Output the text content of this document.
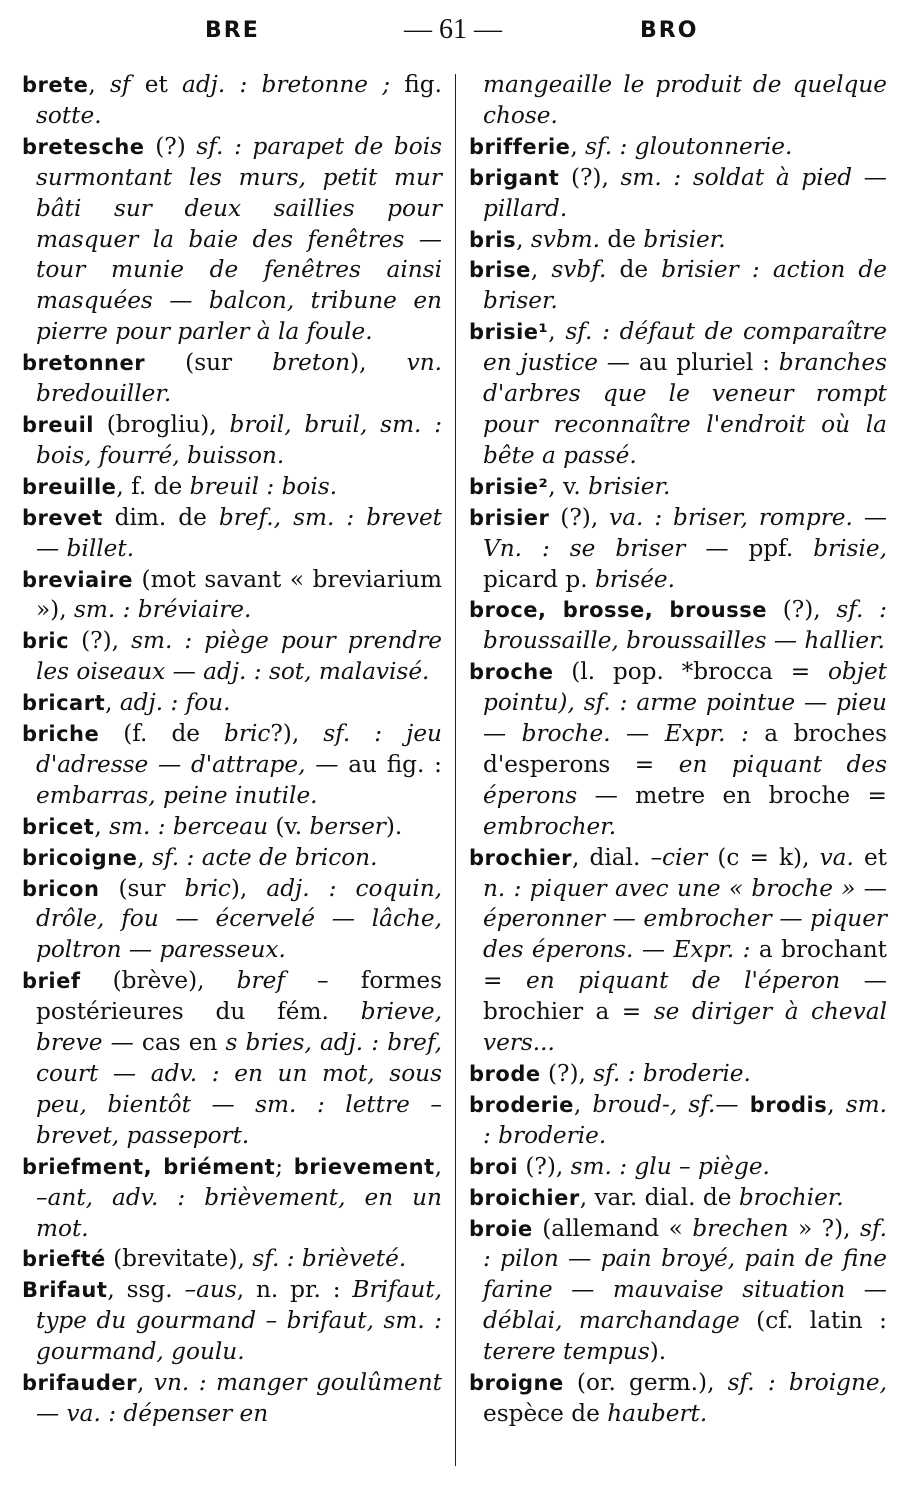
BRE	— 61 —	BRO

brete, sf et adj. : bretonne ; fig. sotte.

bretesche (?) sf. : parapet de bois surmontant les murs, petit mur bâti sur deux saillies pour masquer la baie des fenêtres — tour munie de fenêtres ainsi masquées — balcon, tribune en pierre pour parler à la foule.

bretonner (sur breton), vn. bredouiller.

breuil (brogliu), broil, bruil, sm. : bois, fourré, buisson.

breuille, f. de breuil : bois.

brevet dim. de bref., sm. : brevet — billet.

breviaire (mot savant « breviarium »), sm. : bréviaire.

bric (?), sm. : piège pour prendre les oiseaux — adj. : sot, malavisé.

bricart, adj. : fou.

briche (f. de bric?), sf. : jeu d'adresse — d'attrape, — au fig. : embarras, peine inutile.

bricet, sm. : berceau (v. berser).

bricoigne, sf. : acte de bricon.

bricon (sur bric), adj. : coquin, drôle, fou — écervelé — lâche, poltron — paresseux.

brief (brève), bref – formes postérieures du fém. brieve, breve — cas en s bries, adj. : bref, court — adv. : en un mot, sous peu, bientôt — sm. : lettre – brevet, passeport.

briefment, briément; brievement, –ant, adv. : brièvement, en un mot.

briefté (brevitate), sf. : brièveté.

Brifaut, ssg. –aus, n. pr. : Brifaut, type du gourmand – brifaut, sm. : gourmand, goulu.

brifauder, vn. : manger goulûment — va. : dépenser en

mangeaille le produit de quelque chose.

brifferie, sf. : gloutonnerie.

brigant (?), sm. : soldat à pied — pillard.

bris, svbm. de brisier.

brise, svbf. de brisier : action de briser.

brisie¹, sf. : défaut de comparaître en justice — au pluriel : branches d'arbres que le veneur rompt pour reconnaître l'endroit où la bête a passé.

brisie², v. brisier.

brisier (?), va. : briser, rompre. — Vn. : se briser — ppf. brisie, picard p. brisée.

broce, brosse, brousse (?), sf. : broussaille, broussailles — hallier.

broche (l. pop. *brocca = objet pointu), sf. : arme pointue — pieu — broche. — Expr. : a broches d'esperons = en piquant des éperons — metre en broche = embrocher.

brochier, dial. –cier (c = k), va. et n. : piquer avec une « broche » — éperonner — embrocher — piquer des éperons. — Expr. : a brochant = en piquant de l'éperon — brochier a = se diriger à cheval vers...

brode (?), sf. : broderie.

broderie, broud-, sf.— brodis, sm. : broderie.

broi (?), sm. : glu – piège.

broichier, var. dial. de brochier.

broie (allemand « brechen » ?), sf. : pilon — pain broyé, pain de fine farine — mauvaise situation — déblai, marchandage (cf. latin : terere tempus).

broigne (or. germ.), sf. : broigne, espèce de haubert.
